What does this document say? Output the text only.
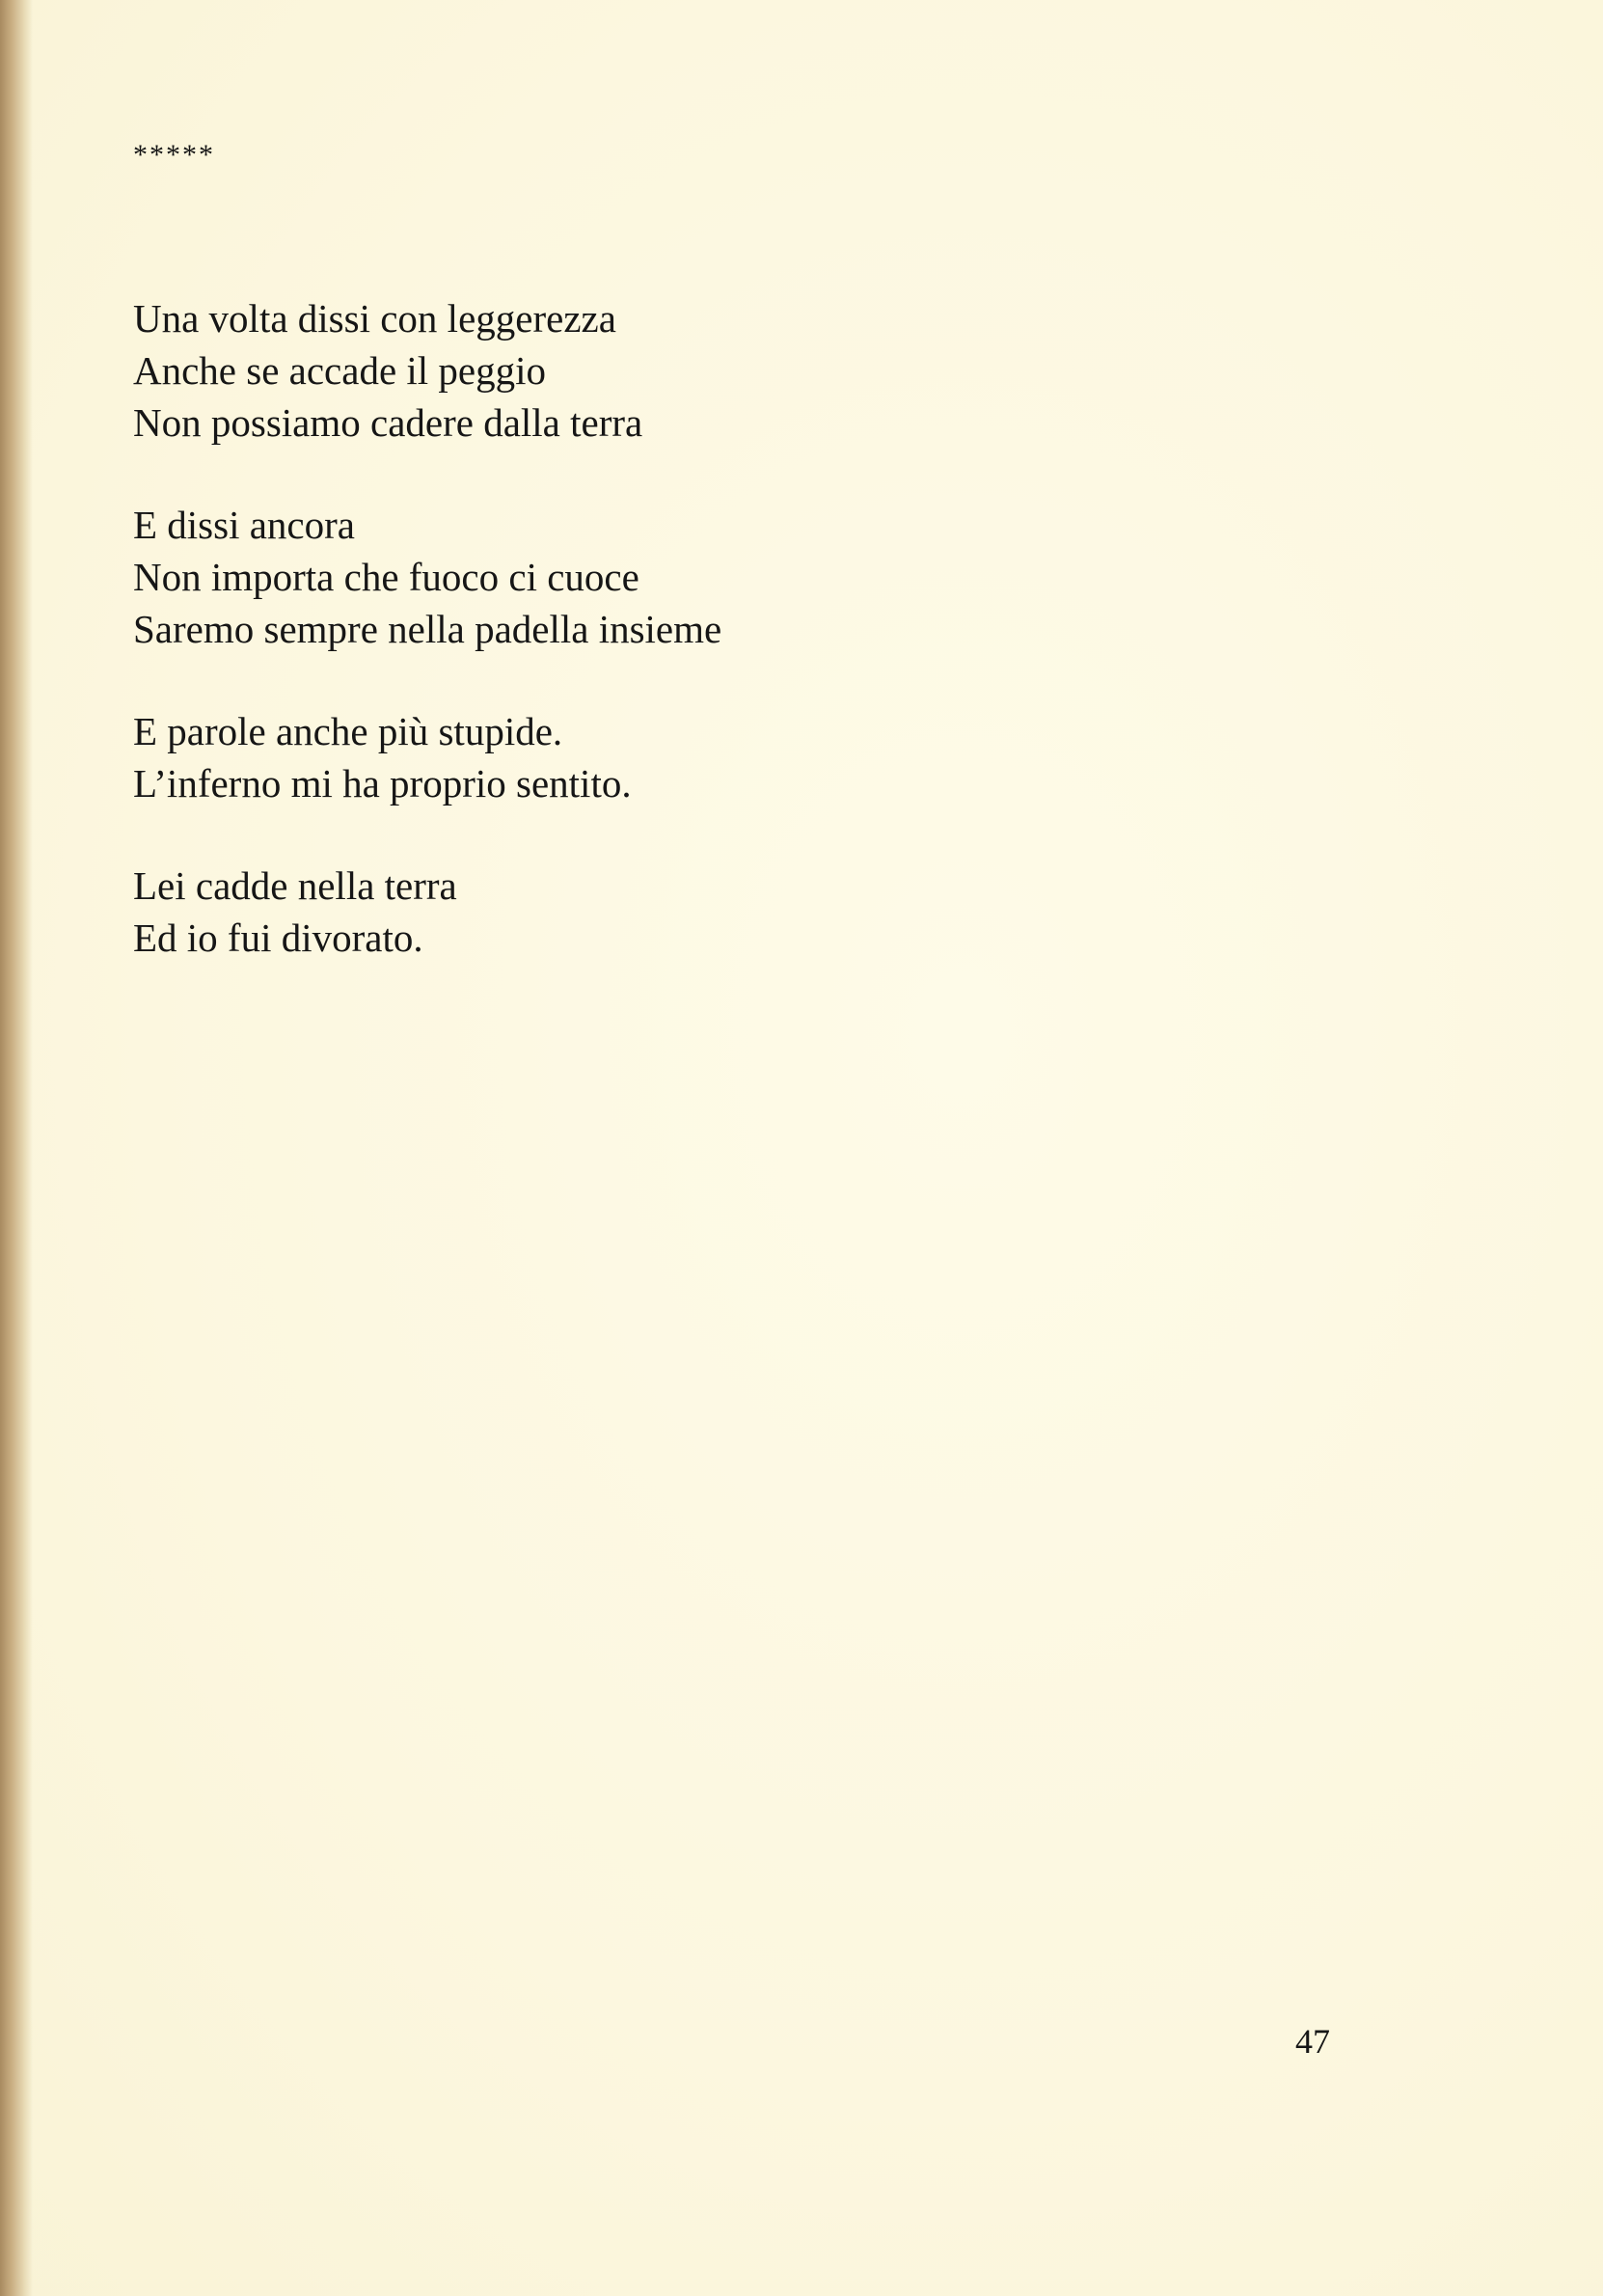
*****
Una volta dissi con leggerezza
Anche se accade il peggio
Non possiamo cadere dalla terra
E dissi ancora
Non importa che fuoco ci cuoce
Saremo sempre nella padella insieme
E parole anche più stupide.
L’inferno mi ha proprio sentito.
Lei cadde nella terra
Ed io fui divorato.
47
